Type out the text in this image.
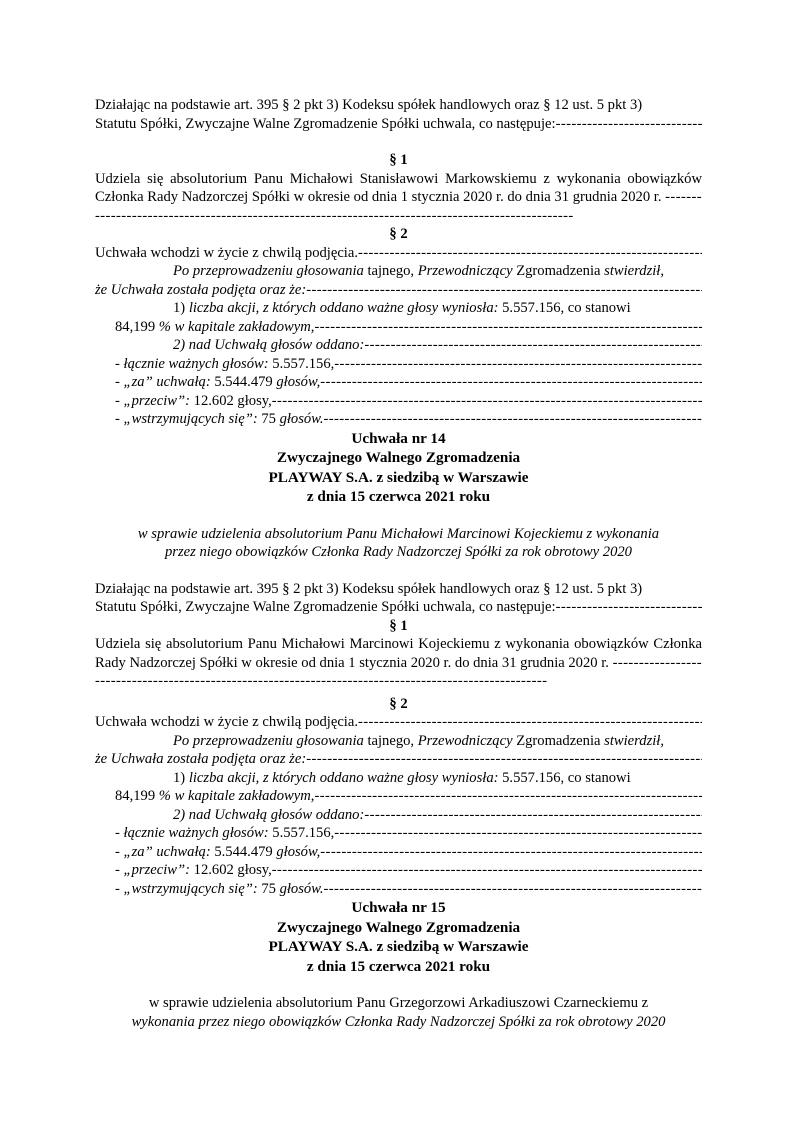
Działając na podstawie art. 395 § 2 pkt 3) Kodeksu spółek handlowych oraz § 12 ust. 5 pkt 3)

Statutu Spółki, Zwyczajne Walne Zgromadzenie Spółki uchwala, co następuje:
-----

§ 1

Udziela się absolutorium Panu Michałowi Stanisławowi Markowskiemu z wykonania obowiązków Członka Rady Nadzorczej Spółki w okresie od dnia 1 stycznia 2020 r. do dnia 31 grudnia 2020 r. --------------------------------------------------------------------------------------------------

§ 2

Uchwała wchodzi w życie z chwilą podjęcia.
-----

Po przeprowadzeniu głosowania tajnego, Przewodniczący Zgromadzenia stwierdził,

że Uchwała została podjęta oraz że:
-----

1) liczba akcji, z których oddano ważne głosy wyniosła: 5.557.156, co stanowi

84,199 % w kapitale zakładowym,
-----
2) nad Uchwałą głosów oddano:
-----
- łącznie ważnych głosów: 5.557.156,
-----
- „za” uchwałą: 5.544.479 głosów,
-----
- „przeciw”: 12.602 głosy,
-----
- „wstrzymujących się”: 75 głosów.
-----

Uchwała nr 14

Zwyczajnego Walnego Zgromadzenia

PLAYWAY S.A. z siedzibą w Warszawie

z dnia 15 czerwca 2021 roku

w sprawie udzielenia absolutorium Panu Michałowi Marcinowi Kojeckiemu z wykonania

przez niego obowiązków Członka Rady Nadzorczej Spółki za rok obrotowy 2020

Działając na podstawie art. 395 § 2 pkt 3) Kodeksu spółek handlowych oraz § 12 ust. 5 pkt 3)

Statutu Spółki, Zwyczajne Walne Zgromadzenie Spółki uchwala, co następuje:
-----

§ 1

Udziela się absolutorium Panu Michałowi Marcinowi Kojeckiemu z wykonania obowiązków Członka Rady Nadzorczej Spółki w okresie od dnia 1 stycznia 2020 r. do dnia 31 grudnia 2020 r. -------------------------------------------------------------------------------------------------------

§ 2

Uchwała wchodzi w życie z chwilą podjęcia.
-----

Po przeprowadzeniu głosowania tajnego, Przewodniczący Zgromadzenia stwierdził,

że Uchwała została podjęta oraz że:
-----

1) liczba akcji, z których oddano ważne głosy wyniosła: 5.557.156, co stanowi

84,199 % w kapitale zakładowym,
-----
2) nad Uchwałą głosów oddano:
-----
- łącznie ważnych głosów: 5.557.156,
-----
- „za” uchwałą: 5.544.479 głosów,
-----
- „przeciw”: 12.602 głosy,
-----
- „wstrzymujących się”: 75 głosów.
-----

Uchwała nr 15

Zwyczajnego Walnego Zgromadzenia

PLAYWAY S.A. z siedzibą w Warszawie

z dnia 15 czerwca 2021 roku

w sprawie udzielenia absolutorium Panu Grzegorzowi Arkadiuszowi Czarneckiemu z

wykonania przez niego obowiązków Członka Rady Nadzorczej Spółki za rok obrotowy 2020
